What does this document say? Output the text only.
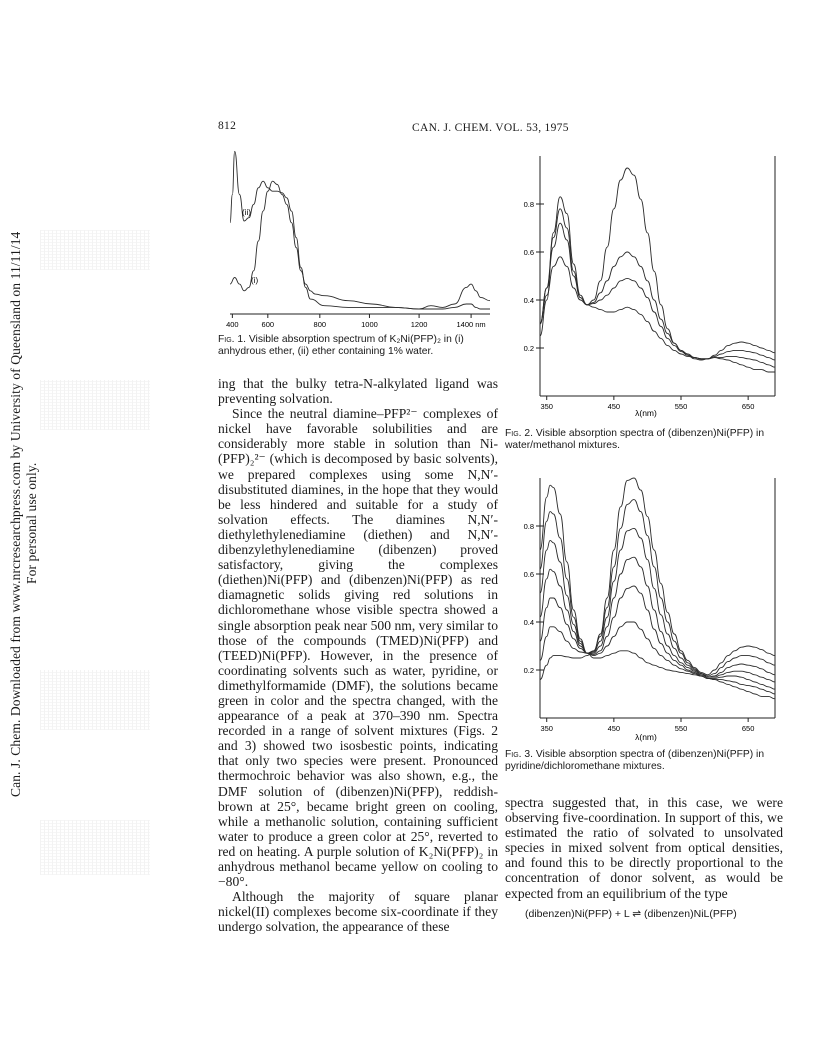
Can. J. Chem. Downloaded from www.nrcresearchpress.com by University of Queensland on 11/11/14 For personal use only.
812	CAN. J. CHEM. VOL. 53, 1975
400	600	800	1000	1200	1400 nm
(ii)
(i)
Fig. 1. Visible absorption spectrum of K₂Ni(PFP)₂ in (i) anhydrous ether, (ii) ether containing 1% water.
350	450	550	650
0.2
0.4
0.6
0.8
λ(nm)
Fig. 2. Visible absorption spectra of (dibenzen)Ni(PFP) in water/methanol mixtures.
350	450	550	650
0.2
0.4
0.6
0.8
λ(nm)
Fig. 3. Visible absorption spectra of (dibenzen)Ni(PFP) in pyridine/dichloromethane mixtures.

ing that the bulky tetra-N-alkylated ligand was preventing solvation.

Since the neutral diamine–PFP²⁻ complexes of nickel have favorable solubilities and are considerably more stable in solution than Ni-(PFP)₂²⁻ (which is decomposed by basic solvents), we prepared complexes using some N,N′-disubstituted diamines, in the hope that they would be less hindered and suitable for a study of solvation effects. The diamines N,N′-diethylethylenediamine (diethen) and N,N′-dibenzylethylenediamine (dibenzen) proved satisfactory, giving the complexes (diethen)Ni(PFP) and (dibenzen)Ni(PFP) as red diamagnetic solids giving red solutions in dichloromethane whose visible spectra showed a single absorption peak near 500 nm, very similar to those of the compounds (TMED)Ni(PFP) and (TEED)Ni(PFP). However, in the presence of coordinating solvents such as water, pyridine, or dimethylformamide (DMF), the solutions became green in color and the spectra changed, with the appearance of a peak at 370–390 nm. Spectra recorded in a range of solvent mixtures (Figs. 2 and 3) showed two isosbestic points, indicating that only two species were present. Pronounced thermochroic behavior was also shown, e.g., the DMF solution of (dibenzen)Ni(PFP), reddish-brown at 25°, became bright green on cooling, while a methanolic solution, containing sufficient water to produce a green color at 25°, reverted to red on heating. A purple solution of K₂Ni(PFP)₂ in anhydrous methanol became yellow on cooling to −80°.

Although the majority of square planar nickel(II) complexes become six-coordinate if they undergo solvation, the appearance of these

spectra suggested that, in this case, we were observing five-coordination. In support of this, we estimated the ratio of solvated to unsolvated species in mixed solvent from optical densities, and found this to be directly proportional to the concentration of donor solvent, as would be expected from an equilibrium of the type

(dibenzen)Ni(PFP) + L ⇌ (dibenzen)NiL(PFP)
